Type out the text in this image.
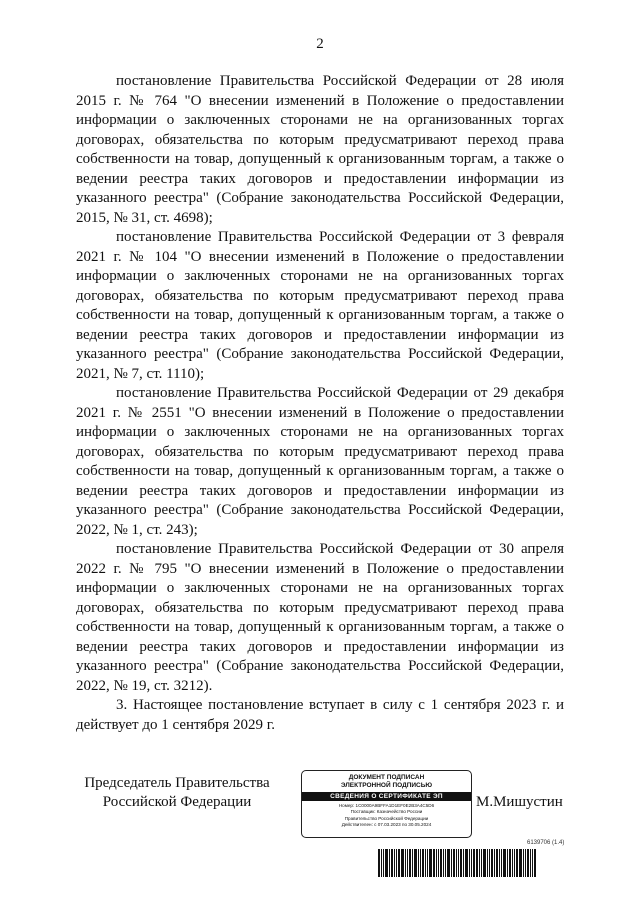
2

постановление Правительства Российской Федерации от 28 июля 2015 г. № 764 "О внесении изменений в Положение о предоставлении информации о заключенных сторонами не на организованных торгах договорах, обязательства по которым предусматривают переход права собственности на товар, допущенный к организованным торгам, а также о ведении реестра таких договоров и предоставлении информации из указанного реестра" (Собрание законодательства Российской Федерации, 2015, № 31, ст. 4698);

постановление Правительства Российской Федерации от 3 февраля 2021 г. № 104 "О внесении изменений в Положение о предоставлении информации о заключенных сторонами не на организованных торгах договорах, обязательства по которым предусматривают переход права собственности на товар, допущенный к организованным торгам, а также о ведении реестра таких договоров и предоставлении информации из указанного реестра" (Собрание законодательства Российской Федерации, 2021, № 7, ст. 1110);

постановление Правительства Российской Федерации от 29 декабря 2021 г. № 2551 "О внесении изменений в Положение о предоставлении информации о заключенных сторонами не на организованных торгах договорах, обязательства по которым предусматривают переход права собственности на товар, допущенный к организованным торгам, а также о ведении реестра таких договоров и предоставлении информации из указанного реестра" (Собрание законодательства Российской Федерации, 2022, № 1, ст. 243);

постановление Правительства Российской Федерации от 30 апреля 2022 г. № 795 "О внесении изменений в Положение о предоставлении информации о заключенных сторонами не на организованных торгах договорах, обязательства по которым предусматривают переход права собственности на товар, допущенный к организованным торгам, а также о ведении реестра таких договоров и предоставлении информации из указанного реестра" (Собрание законодательства Российской Федерации, 2022, № 19, ст. 3212).

3. Настоящее постановление вступает в силу с 1 сентября 2023 г. и действует до 1 сентября 2029 г.

Председатель Правительства
Российской Федерации
ДОКУМЕНТ ПОДПИСАН
ЭЛЕКТРОННОЙ ПОДПИСЬЮ
СВЕДЕНИЯ О СЕРТИФИКАТЕ ЭП
Номер: 1C0000A9BFFA1D1EF0E2B3A4C5D6
Поставщик: Казначейство России
Правительство Российской Федерации
Действителен: с 07.03.2023 по 30.05.2024
М.Мишустин
6139706 (1.4)
